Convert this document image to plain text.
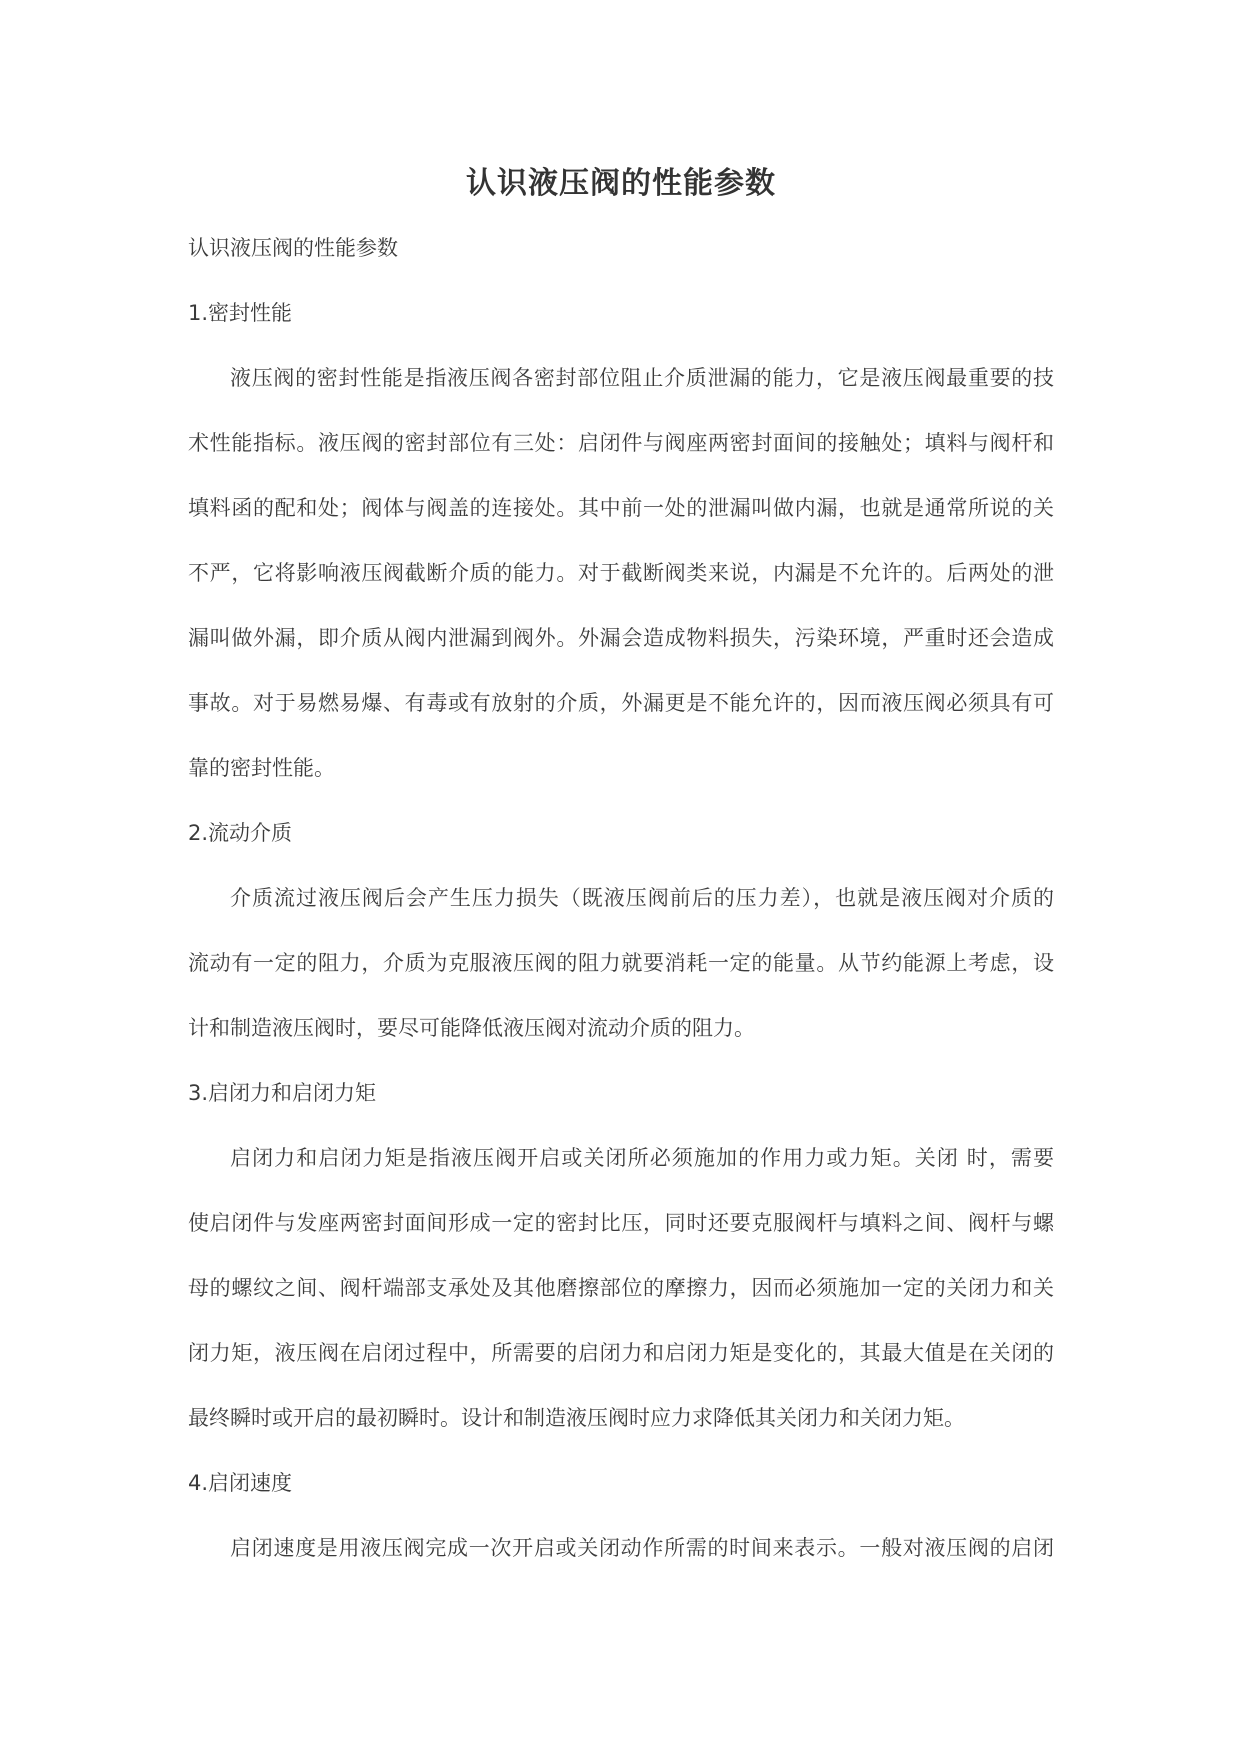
认识液压阀的性能参数
认识液压阀的性能参数
1.密封性能
液压阀的密封性能是指液压阀各密封部位阻止介质泄漏的能力，它是液压阀最重要的技
术性能指标。液压阀的密封部位有三处：启闭件与阀座两密封面间的接触处；填料与阀杆和
填料函的配和处；阀体与阀盖的连接处。其中前一处的泄漏叫做内漏，也就是通常所说的关
不严，它将影响液压阀截断介质的能力。对于截断阀类来说，内漏是不允许的。后两处的泄
漏叫做外漏，即介质从阀内泄漏到阀外。外漏会造成物料损失，污染环境，严重时还会造成
事故。对于易燃易爆、有毒或有放射的介质，外漏更是不能允许的，因而液压阀必须具有可
靠的密封性能。
2.流动介质
介质流过液压阀后会产生压力损失（既液压阀前后的压力差），也就是液压阀对介质的
流动有一定的阻力，介质为克服液压阀的阻力就要消耗一定的能量。从节约能源上考虑，设
计和制造液压阀时，要尽可能降低液压阀对流动介质的阻力。
3.启闭力和启闭力矩
启闭力和启闭力矩是指液压阀开启或关闭所必须施加的作用力或力矩。关闭 时，需要
使启闭件与发座两密封面间形成一定的密封比压，同时还要克服阀杆与填料之间、阀杆与螺
母的螺纹之间、阀杆端部支承处及其他磨擦部位的摩擦力，因而必须施加一定的关闭力和关
闭力矩，液压阀在启闭过程中，所需要的启闭力和启闭力矩是变化的，其最大值是在关闭的
最终瞬时或开启的最初瞬时。设计和制造液压阀时应力求降低其关闭力和关闭力矩。
4.启闭速度
启闭速度是用液压阀完成一次开启或关闭动作所需的时间来表示。一般对液压阀的启闭
